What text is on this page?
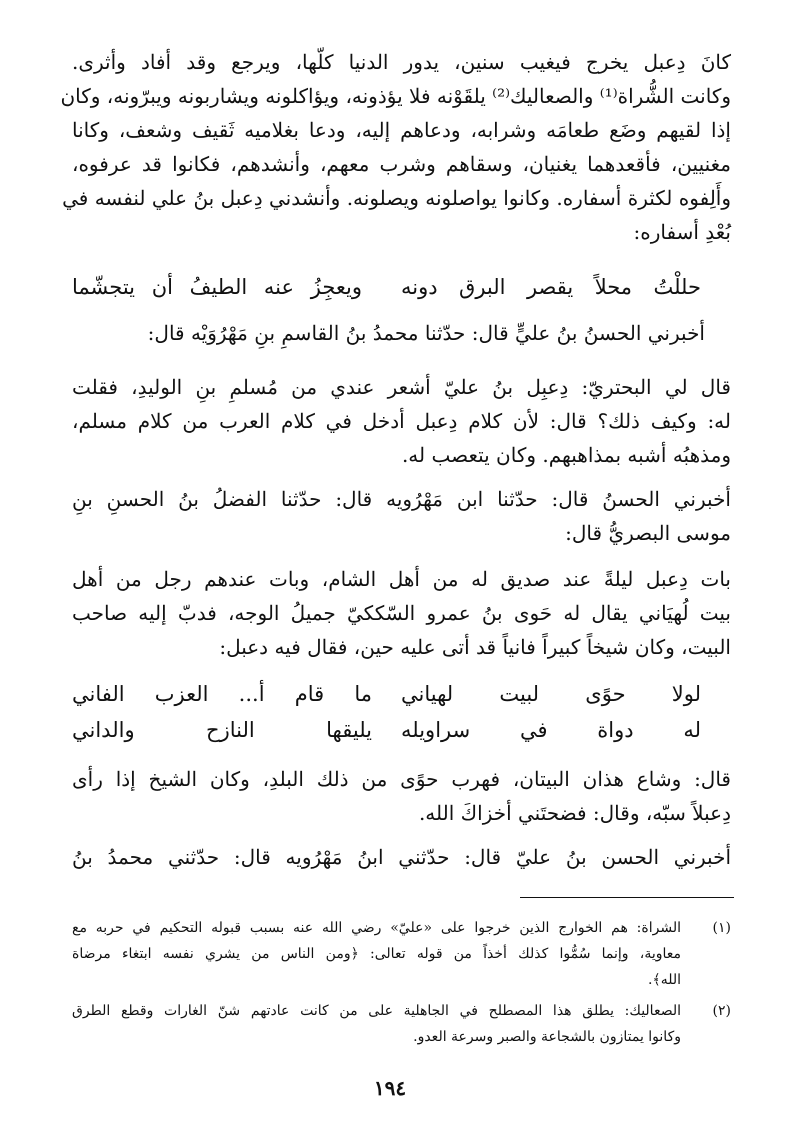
كانَ دِعبل يخرج فيغيب سنين، يدور الدنيا كلّها، ويرجع وقد أفاد وأثرى.
وكانت الشُّراة⁽¹⁾ والصعاليك⁽²⁾ يلقَوْنه فلا يؤذونه، ويؤاكلونه ويشاربونه ويبرّونه، وكان
إذا لقيهم وضَع طعامَه وشرابه، ودعاهم إليه، ودعا بغلاميه ثَقيف وشعف، وكانا
مغنيين، فأقعدهما يغنيان، وسقاهم وشرب معهم، وأنشدهم، فكانوا قد عرفوه،
وأَلِفوه لكثرة أسفاره. وكانوا يواصلونه ويصلونه. وأنشدني دِعبل بنُ علي لنفسه في
بُعْدِ أسفاره:
حللْتُ محلاً يقصر البرق دونه
ويعجِزُ عنه الطيفُ أن يتجشّما
أخبرني الحسنُ بنُ عليٍّ قال: حدّثنا محمدُ بنُ القاسمِ بنِ مَهْرُوَيْه قال:
قال لي البحتريّ: دِعبِل بنُ عليّ أشعر عندي من مُسلمِ بنِ الوليدِ، فقلت
له: وكيف ذلك؟ قال: لأن كلام دِعبل أدخل في كلام العرب من كلام مسلم،
ومذهبُه أشبه بمذاهبهم. وكان يتعصب له.
أخبرني الحسنُ قال: حدّثنا ابن مَهْرُويه قال: حدّثنا الفضلُ بنُ الحسنِ بنِ
موسى البصريُّ قال:
بات دِعبل ليلةً عند صديق له من أهل الشام، وبات عندهم رجل من أهل
بيت لُهيَاني يقال له حَوى بنُ عمرو السّككيّ جميلُ الوجه، فدبّ إليه صاحب
البيت، وكان شيخاً كبيراً فانياً قد أتى عليه حين، فقال فيه دعبل:
لولا حوًى لبيت لهياني
ما قام أ... العزب الفاني
له دواة في سراويله
يليقها النازح والداني
قال: وشاع هذان البيتان، فهرب حوًى من ذلك البلدِ، وكان الشيخ إذا رأى
دِعبلاً سبّه، وقال: فضحتَني أخزاكَ الله.
أخبرني الحسن بنُ عليّ قال: حدّثني ابنُ مَهْرُويه قال: حدّثني محمدُ بنُ
(١)
الشراة: هم الخوارج الذين خرجوا على «عليّ» رضي الله عنه بسبب قبوله التحكيم في حربه مع
معاوية، وإنما سُمُّوا كذلك أخذاً من قوله تعالى: ﴿ومن الناس من يشري نفسه ابتغاء مرضاة
الله﴾.
(٢)
الصعاليك: يطلق هذا المصطلح في الجاهلية على من كانت عادتهم شنّ الغارات وقطع الطرق
وكانوا يمتازون بالشجاعة والصبر وسرعة العدو.
١٩٤
